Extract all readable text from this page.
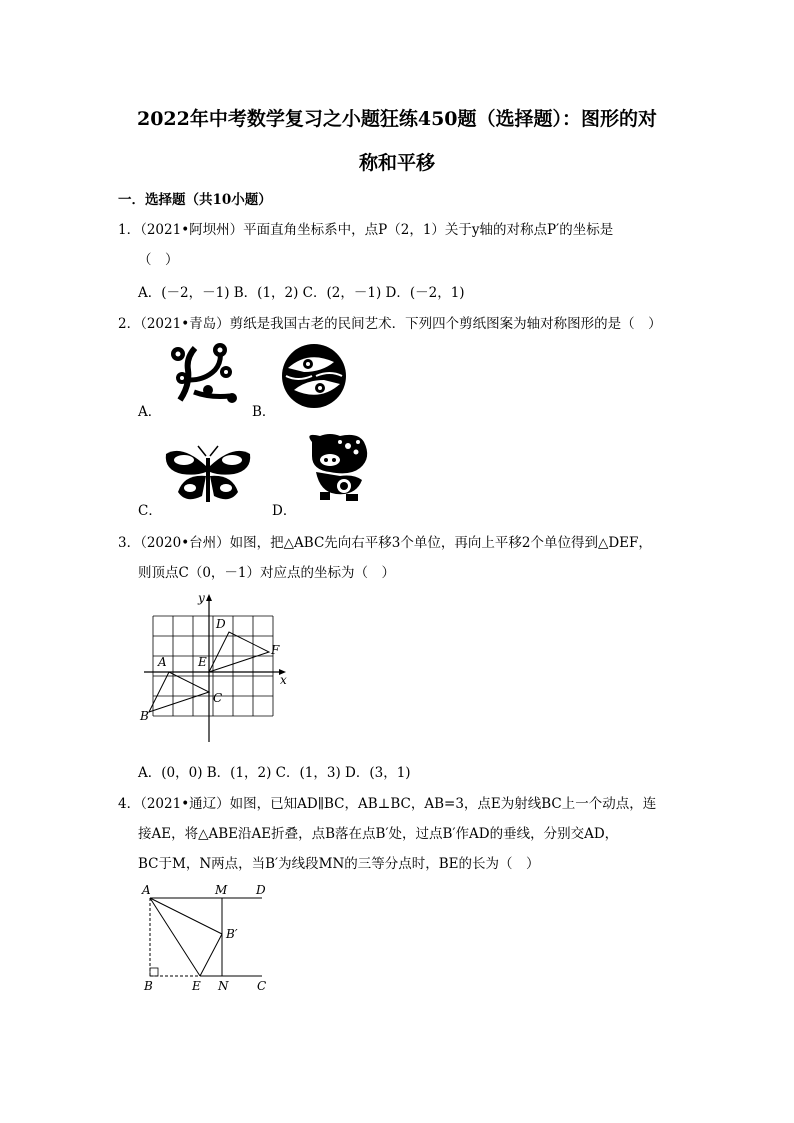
2022年中考数学复习之小题狂练450题（选择题）：图形的对
称和平移
一．选择题（共10小题）
1．（2021•阿坝州）平面直角坐标系中，点P（2，1）关于y轴的对称点P′的坐标是
（　）
A．(－2，－1) B．(1，2) C．(2，－1) D．(－2，1)
2．（2021•青岛）剪纸是我国古老的民间艺术．下列四个剪纸图案为轴对称图形的是（　）
A．	B．
C．	D．
3．（2020•台州）如图，把△ABC先向右平移3个单位，再向上平移2个单位得到△DEF，
则顶点C（0，－1）对应点的坐标为（　）
y
x
A
B
C
D
E
F
A．(0，0) B．(1，2) C．(1，3) D．(3，1)
4．（2021•通辽）如图，已知AD∥BC，AB⊥BC，AB=3，点E为射线BC上一个动点，连
接AE，将△ABE沿AE折叠，点B落在点B′处，过点B′作AD的垂线，分别交AD，
BC于M，N两点，当B′为线段MN的三等分点时，BE的长为（　）
A	M D
B′
B	E N C
